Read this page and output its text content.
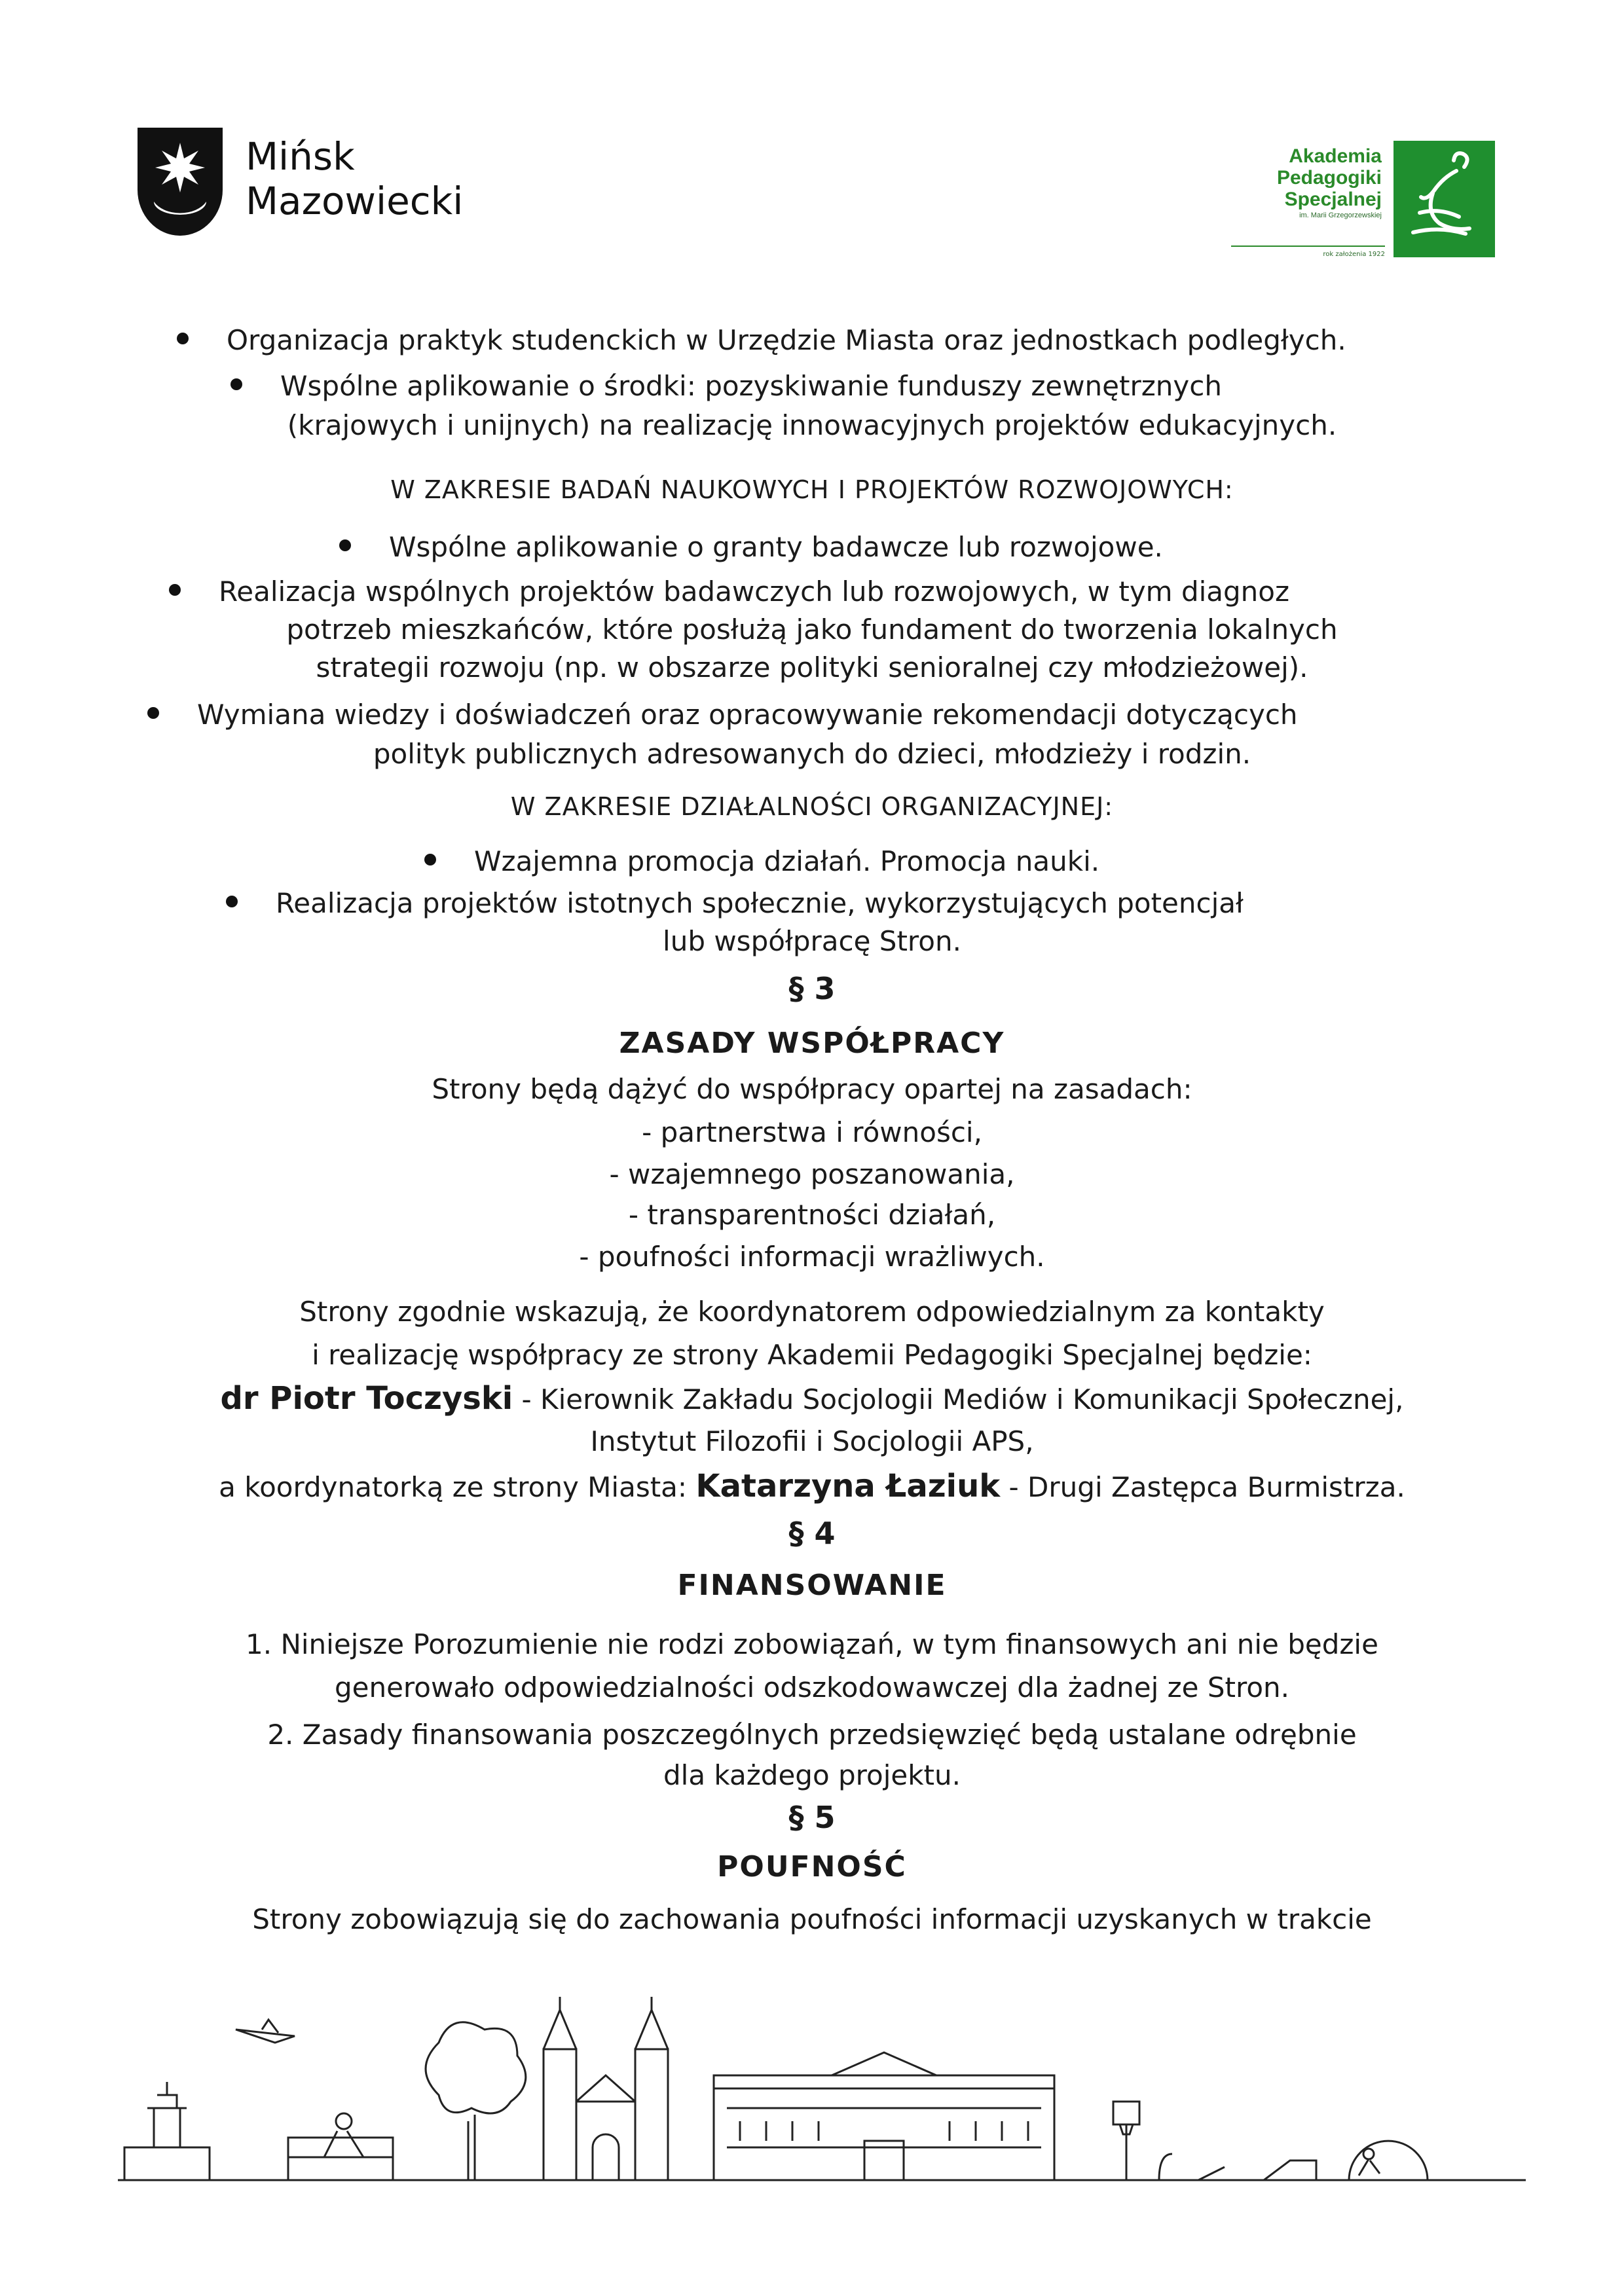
Mińsk
Mazowiecki
Akademia
Pedagogiki
Specjalnej
im. Marii Grzegorzewskiej
rok założenia 1922
Organizacja praktyk studenckich w Urzędzie Miasta oraz jednostkach podległych.
Wspólne aplikowanie o środki: pozyskiwanie funduszy zewnętrznych
(krajowych i unijnych) na realizację innowacyjnych projektów edukacyjnych.
W ZAKRESIE BADAŃ NAUKOWYCH I PROJEKTÓW ROZWOJOWYCH:
Wspólne aplikowanie o granty badawcze lub rozwojowe.
Realizacja wspólnych projektów badawczych lub rozwojowych, w tym diagnoz
potrzeb mieszkańców, które posłużą jako fundament do tworzenia lokalnych
strategii rozwoju (np. w obszarze polityki senioralnej czy młodzieżowej).
Wymiana wiedzy i doświadczeń oraz opracowywanie rekomendacji dotyczących
polityk publicznych adresowanych do dzieci, młodzieży i rodzin.
W ZAKRESIE DZIAŁALNOŚCI ORGANIZACYJNEJ:
Wzajemna promocja działań. Promocja nauki.
Realizacja projektów istotnych społecznie, wykorzystujących potencjał
lub współpracę Stron.
§ 3
ZASADY WSPÓŁPRACY
Strony będą dążyć do współpracy opartej na zasadach:
- partnerstwa i równości,
- wzajemnego poszanowania,
- transparentności działań,
- poufności informacji wrażliwych.
Strony zgodnie wskazują, że koordynatorem odpowiedzialnym za kontakty
i realizację współpracy ze strony Akademii Pedagogiki Specjalnej będzie:
dr Piotr Toczyski - Kierownik Zakładu Socjologii Mediów i Komunikacji Społecznej,
Instytut Filozofii i Socjologii APS,
a koordynatorką ze strony Miasta: Katarzyna Łaziuk - Drugi Zastępca Burmistrza.
§ 4
FINANSOWANIE
1. Niniejsze Porozumienie nie rodzi zobowiązań, w tym finansowych ani nie będzie
generowało odpowiedzialności odszkodowawczej dla żadnej ze Stron.
2. Zasady finansowania poszczególnych przedsięwzięć będą ustalane odrębnie
dla każdego projektu.
§ 5
POUFNOŚĆ
Strony zobowiązują się do zachowania poufności informacji uzyskanych w trakcie
